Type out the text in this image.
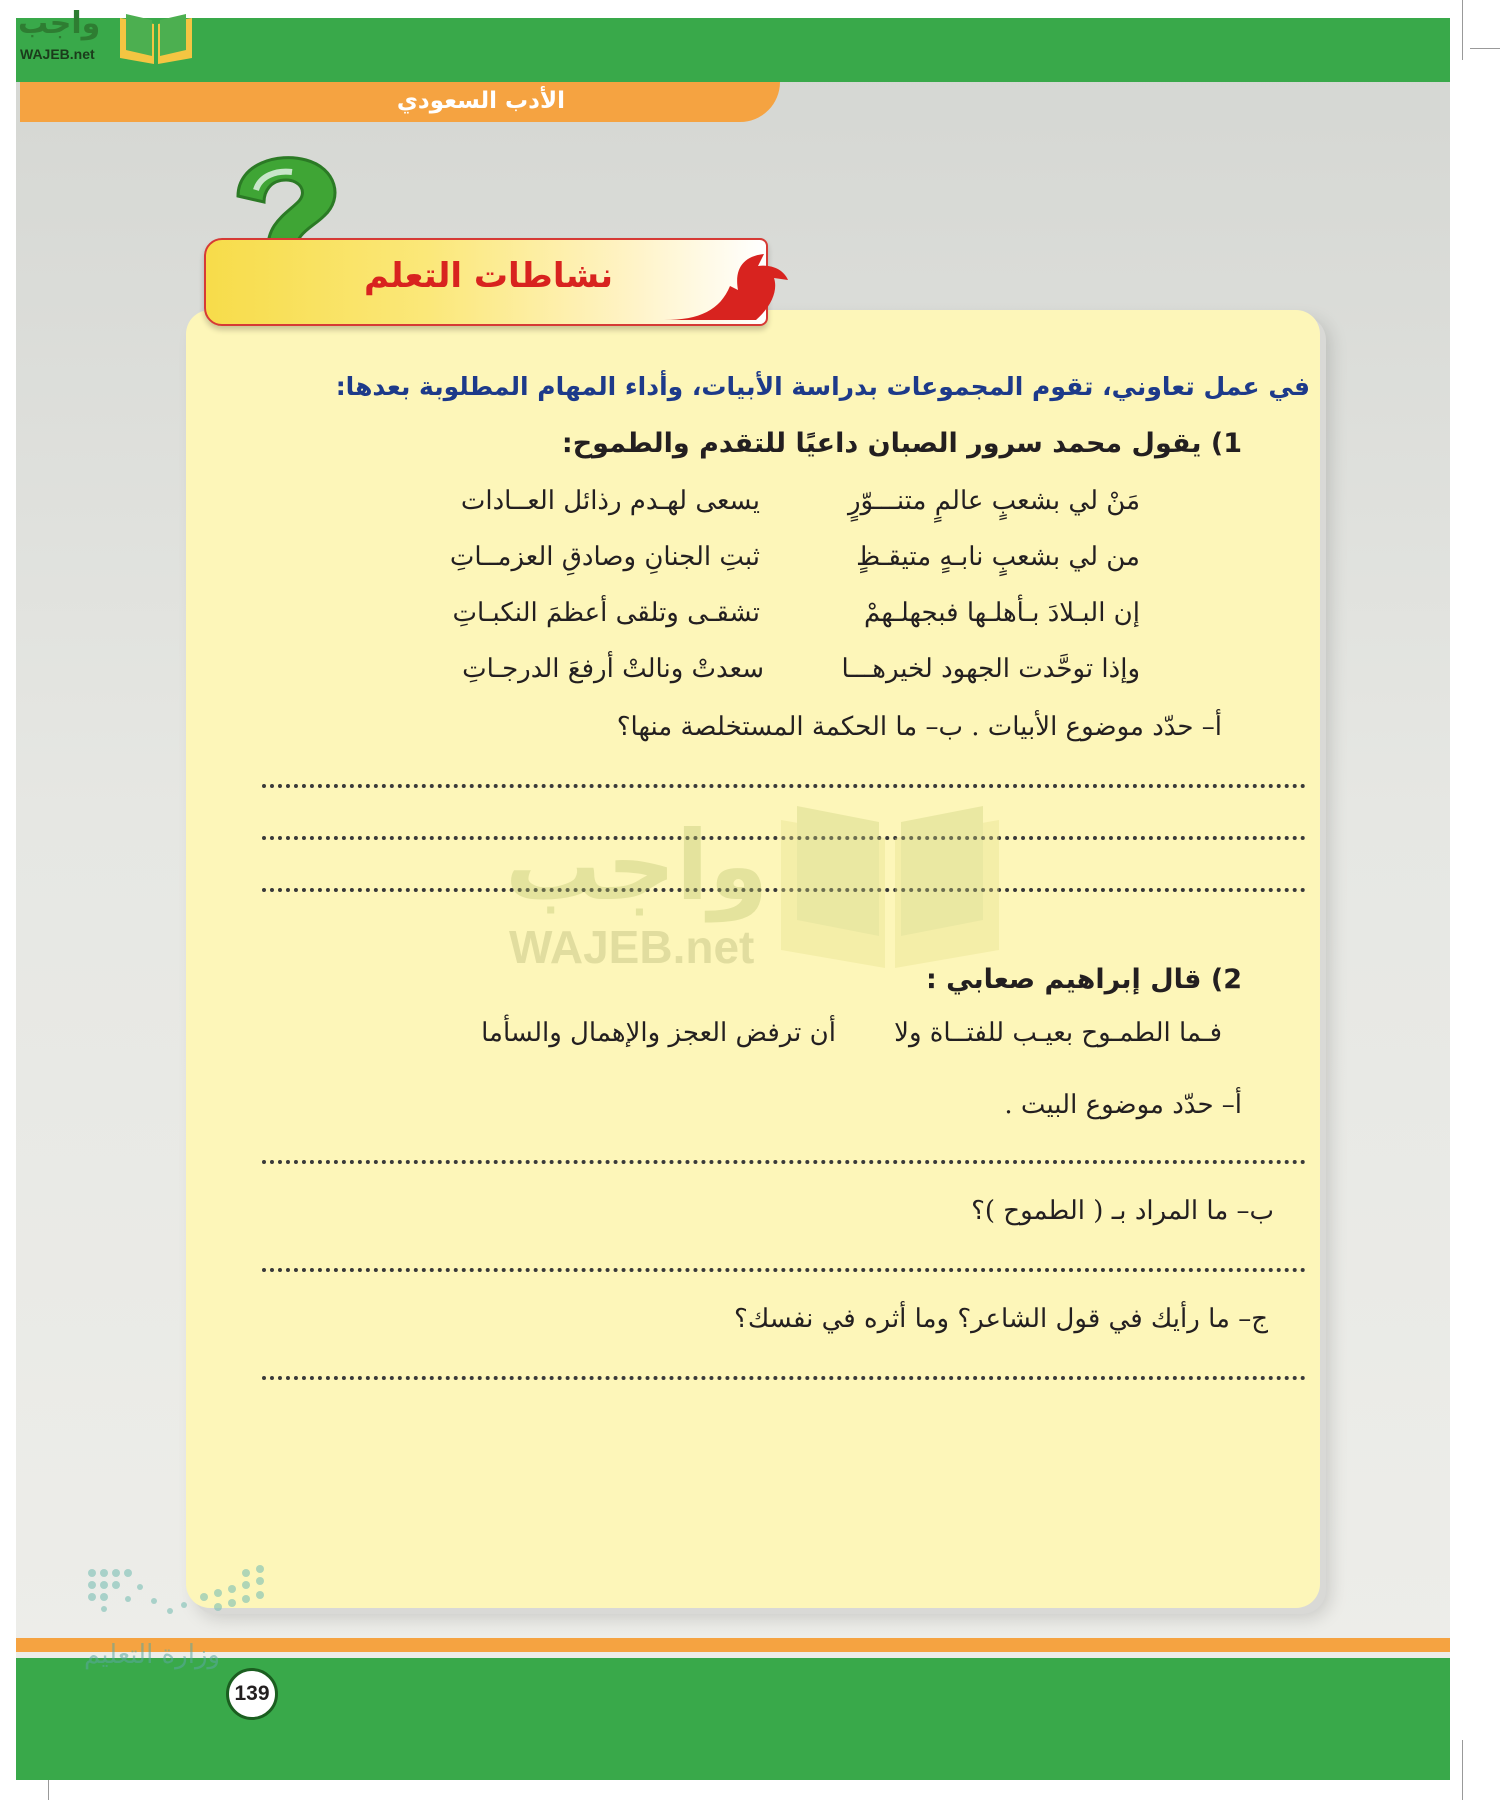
الأدب السعودي
واجب
WAJEB.net
نشاطات التعلم
ﻓﻲ عمل تعاوني، تقوم المجموعات بدراسة الأبيات، وأداء المهام المطلوبة بعدها:
1) يقول محمد سرور الصبان داعيًا للتقدم والطموح:
مَنْ لي بشعبٍ عالمٍ متنـــوّرٍ
يسعى لهـدم رذائل العــادات
من لي بشعبٍ نابـهٍ متيقـظٍ
ثبتِ الجنانِ وصادقِ العزمــاتِ
إن البـلادَ بـأهلـها فبجهلـهمْ
تشقـى وتلقى أعظمَ النكبـاتِ
وإذا توحَّدت الجهود لخيرهـــا
سعدتْ ونالتْ أرفعَ الدرجـاتِ
أ– حدّد موضوع الأبيات . ب– ما الحكمة المستخلصة منها؟
واجب
WAJEB.net
2) قال إبراهيم صعابي :
فـما الطمـوح بعيـب للفتــاة ولا
أن ترفض العجز والإهمال والسأما
أ– حدّد موضوع البيت .
ب– ما المراد بـ ( الطموح )؟
ج– ما رأيك في قول الشاعر؟ وما أثره في نفسك؟
وزارة التعليم
139
